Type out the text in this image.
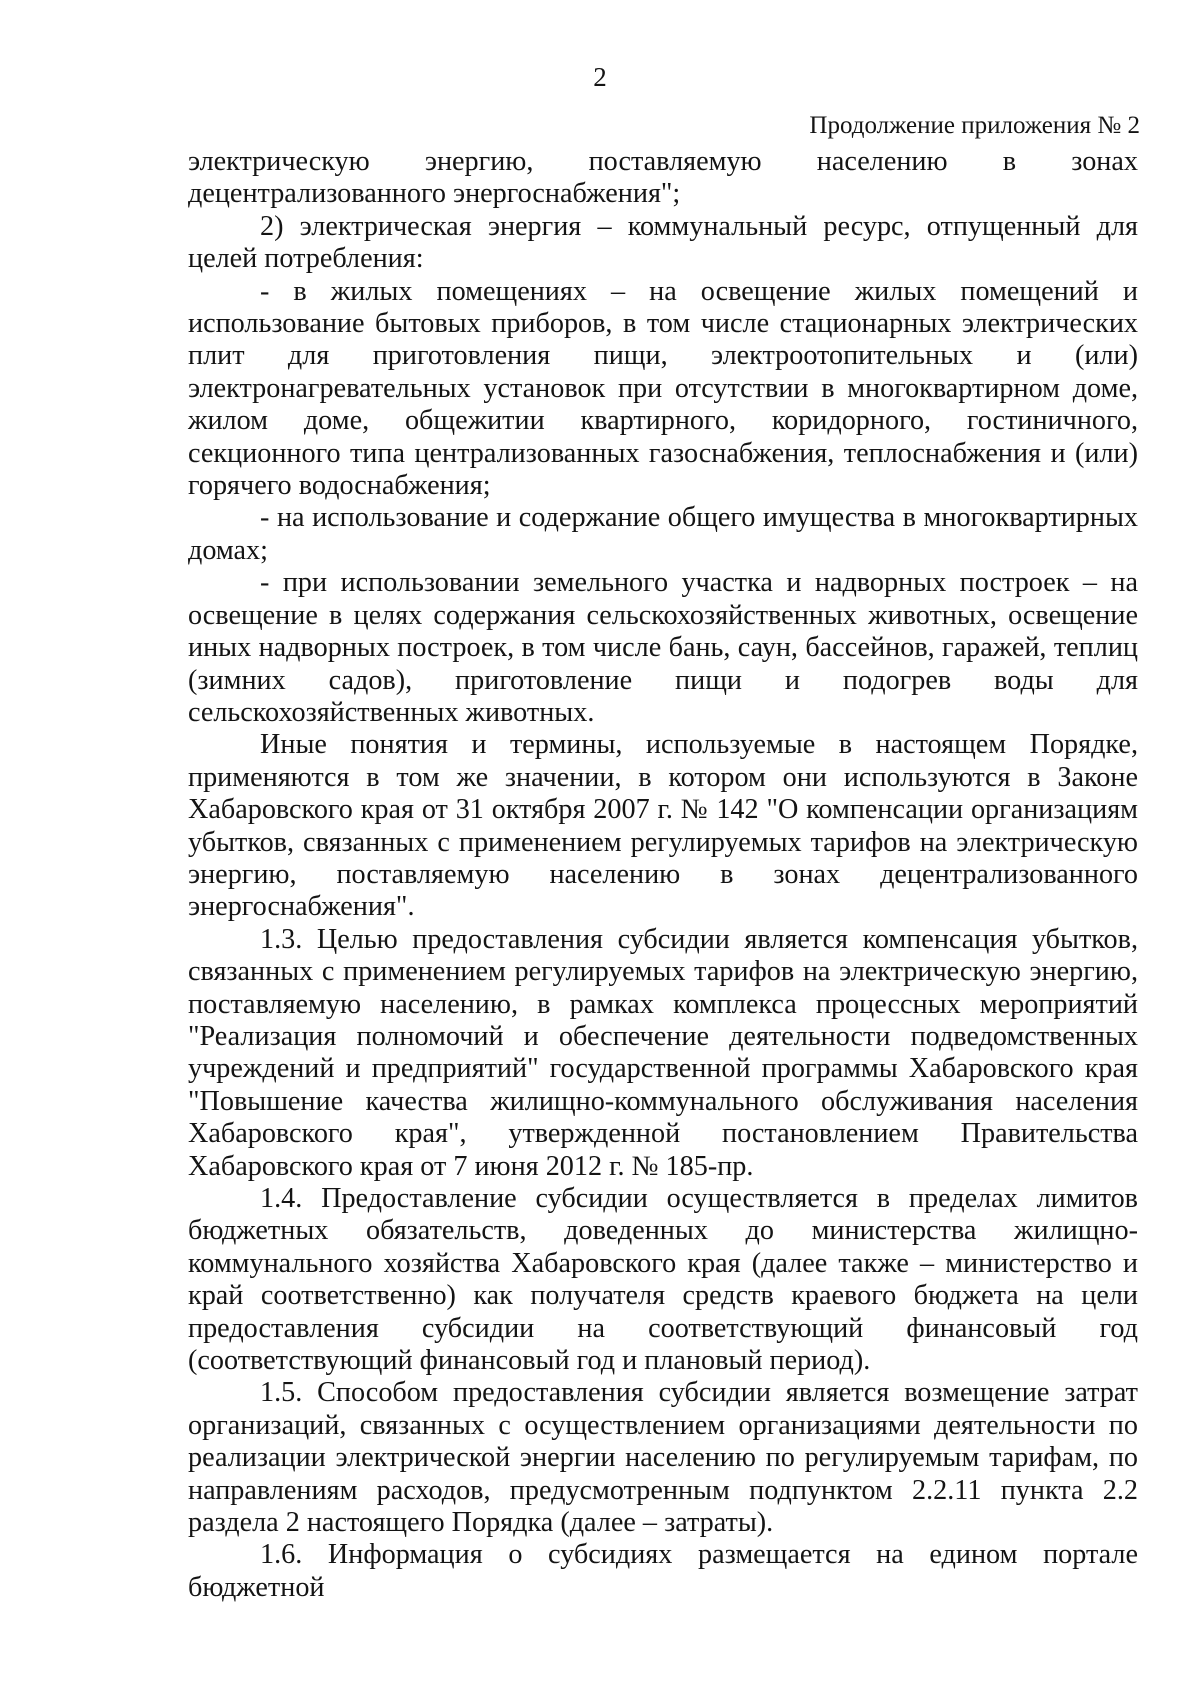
2
Продолжение приложения № 2

электрическую энергию, поставляемую населению в зонах децентрализованного энергоснабжения";

2) электрическая энергия – коммунальный ресурс, отпущенный для целей потребления:

- в жилых помещениях – на освещение жилых помещений и использование бытовых приборов, в том числе стационарных электрических плит для приготовления пищи, электроотопительных и (или) электронагревательных установок при отсутствии в многоквартирном доме, жилом доме, общежитии квартирного, коридорного, гостиничного, секционного типа централизованных газоснабжения, теплоснабжения и (или) горячего водоснабжения;

- на использование и содержание общего имущества в многоквартирных домах;

- при использовании земельного участка и надворных построек – на освещение в целях содержания сельскохозяйственных животных, освещение иных надворных построек, в том числе бань, саун, бассейнов, гаражей, теплиц (зимних садов), приготовление пищи и подогрев воды для сельскохозяйственных животных.

Иные понятия и термины, используемые в настоящем Порядке, применяются в том же значении, в котором они используются в Законе Хабаровского края от 31 октября 2007 г. № 142 "О компенсации организациям убытков, связанных с применением регулируемых тарифов на электрическую энергию, поставляемую населению в зонах децентрализованного энергоснабжения".

1.3. Целью предоставления субсидии является компенсация убытков, связанных с применением регулируемых тарифов на электрическую энергию, поставляемую населению, в рамках комплекса процессных мероприятий "Реализация полномочий и обеспечение деятельности подведомственных учреждений и предприятий" государственной программы Хабаровского края "Повышение качества жилищно-коммунального обслуживания населения Хабаровского края", утвержденной постановлением Правительства Хабаровского края от 7 июня 2012 г. № 185-пр.

1.4. Предоставление субсидии осуществляется в пределах лимитов бюджетных обязательств, доведенных до министерства жилищно-коммунального хозяйства Хабаровского края (далее также – министерство и край соответственно) как получателя средств краевого бюджета на цели предоставления субсидии на соответствующий финансовый год (соответствующий финансовый год и плановый период).

1.5. Способом предоставления субсидии является возмещение затрат организаций, связанных с осуществлением организациями деятельности по реализации электрической энергии населению по регулируемым тарифам, по направлениям расходов, предусмотренным подпунктом 2.2.11 пункта 2.2 раздела 2 настоящего Порядка (далее – затраты).

1.6. Информация о субсидиях размещается на едином портале бюджетной
